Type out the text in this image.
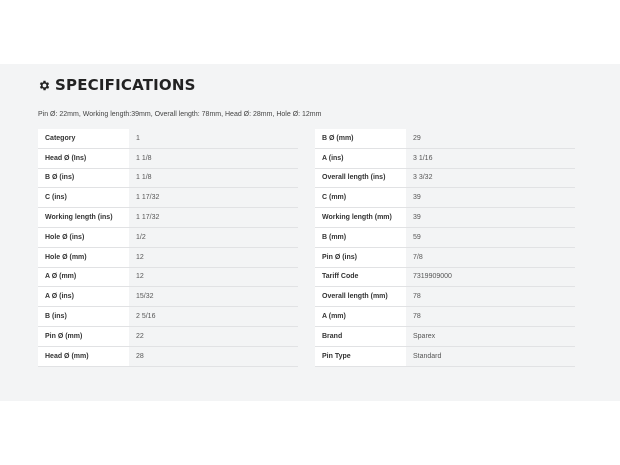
SPECIFICATIONS
Pin Ø: 22mm, Working length:39mm, Overall length: 78mm, Head Ø: 28mm, Hole Ø: 12mm
Category	1
Head Ø (Ins)	1 1/8
B Ø (ins)	1 1/8
C (ins)	1 17/32
Working length (ins)	1 17/32
Hole Ø (ins)	1/2
Hole Ø (mm)	12
A Ø (mm)	12
A Ø (ins)	15/32
B (ins)	2 5/16
Pin Ø (mm)	22
Head Ø (mm)	28
B Ø (mm)	29
A (ins)	3 1/16
Overall length (ins)	3 3/32
C (mm)	39
Working length (mm)	39
B (mm)	59
Pin Ø (ins)	7/8
Tariff Code	7319909000
Overall length (mm)	78
A (mm)	78
Brand	Sparex
Pin Type	Standard
